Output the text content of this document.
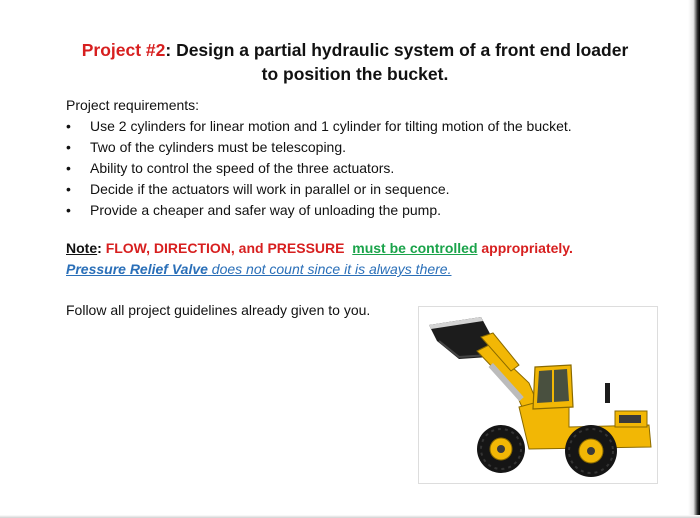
Project #2: Design a partial hydraulic system of a front end loader
to position the bucket.
Project requirements:
• Use 2 cylinders for linear motion and 1 cylinder for tilting motion of the bucket.
• Two of the cylinders must be telescoping.
• Ability to control the speed of the three actuators.
• Decide if the actuators will work in parallel or in sequence.
• Provide a cheaper and safer way of unloading the pump.
Note: FLOW, DIRECTION, and PRESSURE must be controlled appropriately.
Pressure Relief Valve does not count since it is always there.
Follow all project guidelines already given to you.
